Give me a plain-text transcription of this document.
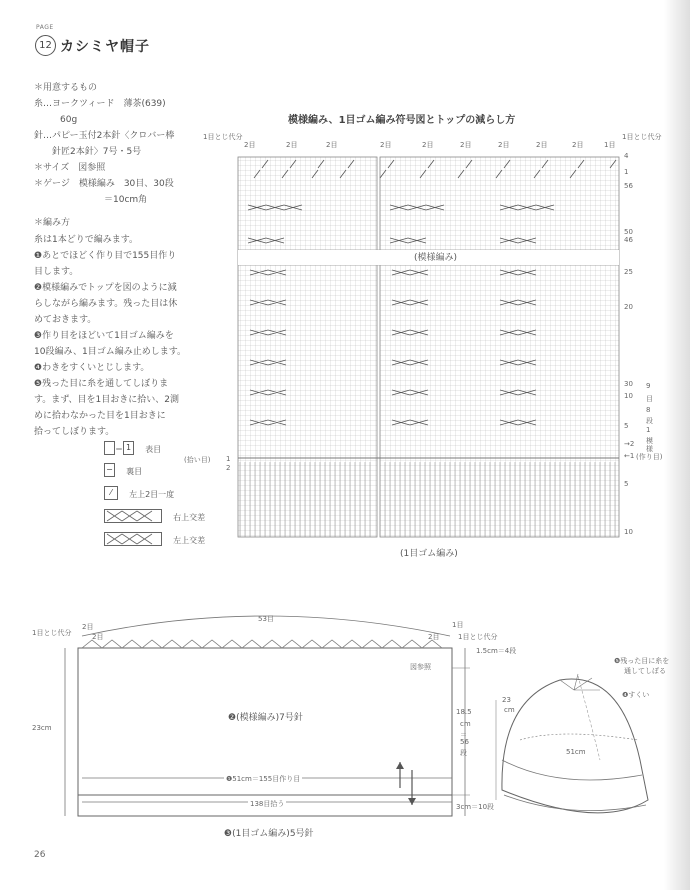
PAGE
12 カシミヤ帽子
＊用意するもの
糸…ヨークツィード　薄茶(639)
60g
針…パピー玉付2本針〈クロバー棒
針匠2本針〉7号・5号
＊サイズ　図参照
＊ゲージ　模様編み　30目、30段
＝10cm角
＊編み方
糸は1本どりで編みます。
❶あとでほどく作り目で155目作り
目します。
❷模様編みでトップを図のように減
らしながら編みます。残った目は休
めておきます。
❸作り目をほどいて1目ゴム編みを
10段編み、1目ゴム編み止めします。
❹わきをすくいとじします。
❺残った目に糸を通してしぼりま
す。まず、目を1目おきに拾い、2測
めに拾わなかった目を1目おきに
拾ってしぼります。
＝ 1 表目
− 裏目
⁄ 左上2目一度
右上交差
左上交差
模様編み、1目ゴム編み符号図とトップの減らし方
1目とじ代分	1目とじ代分
2目	2目	2目	2目	2目	2目	2目	2目	2目	1目
4
1
56
50
46
25
20
30
10
5
→2
←1
9
目
8
段
1
模
様
(作り目)
(模様編み)
(拾い目) 1
2
5
10
(1目ゴム編み)
53目
2目
2目
1目とじ代分
1目
2目	1目とじ代分
1.5cm＝4段
図参照
23cm
18.5
cm
＝
56
段
❷(模様編み)7号針
❶51cm＝155目作り目
138目拾う	3cm＝10段
❸(1目ゴム編み)5号針
❺残った目に糸を
通してしぼる
❹すくい
23
cm
51cm
26
